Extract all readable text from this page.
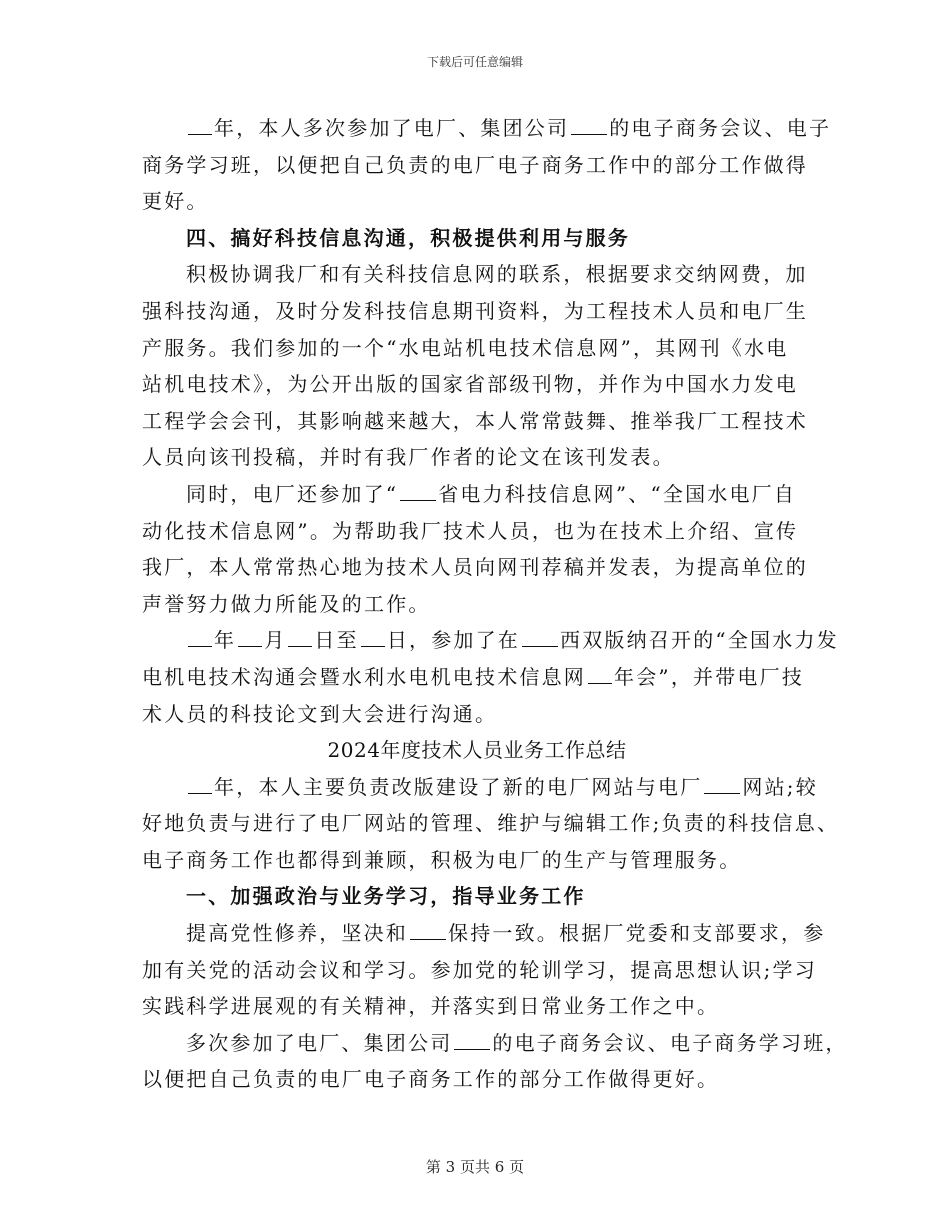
下载后可任意编辑
年，本人多次参加了电厂、集团公司 的电子商务会议、电子
商务学习班，以便把自己负责的电厂电子商务工作中的部分工作做得
更好。
四、搞好科技信息沟通，积极提供利用与服务
积极协调我厂和有关科技信息网的联系，根据要求交纳网费，加
强科技沟通，及时分发科技信息期刊资料，为工程技术人员和电厂生
产服务。我们参加的一个“水电站机电技术信息网”，其网刊《水电
站机电技术》，为公开出版的国家省部级刊物，并作为中国水力发电
工程学会会刊，其影响越来越大，本人常常鼓舞、推举我厂工程技术
人员向该刊投稿，并时有我厂作者的论文在该刊发表。
同时，电厂还参加了“ 省电力科技信息网”、“全国水电厂自
动化技术信息网”。为帮助我厂技术人员，也为在技术上介绍、宣传
我厂，本人常常热心地为技术人员向网刊荐稿并发表，为提高单位的
声誉努力做力所能及的工作。
年 月 日至 日，参加了在 西双版纳召开的“全国水力发
电机电技术沟通会暨水利水电机电技术信息网 年会”，并带电厂技
术人员的科技论文到大会进行沟通。
2024年度技术人员业务工作总结
年，本人主要负责改版建设了新的电厂网站与电厂 网站;较
好地负责与进行了电厂网站的管理、维护与编辑工作;负责的科技信息、
电子商务工作也都得到兼顾，积极为电厂的生产与管理服务。
一、加强政治与业务学习，指导业务工作
提高党性修养，坚决和 保持一致。根据厂党委和支部要求，参
加有关党的活动会议和学习。参加党的轮训学习，提高思想认识;学习
实践科学进展观的有关精神，并落实到日常业务工作之中。
多次参加了电厂、集团公司 的电子商务会议、电子商务学习班，
以便把自己负责的电厂电子商务工作的部分工作做得更好。
第 3 页共 6 页
